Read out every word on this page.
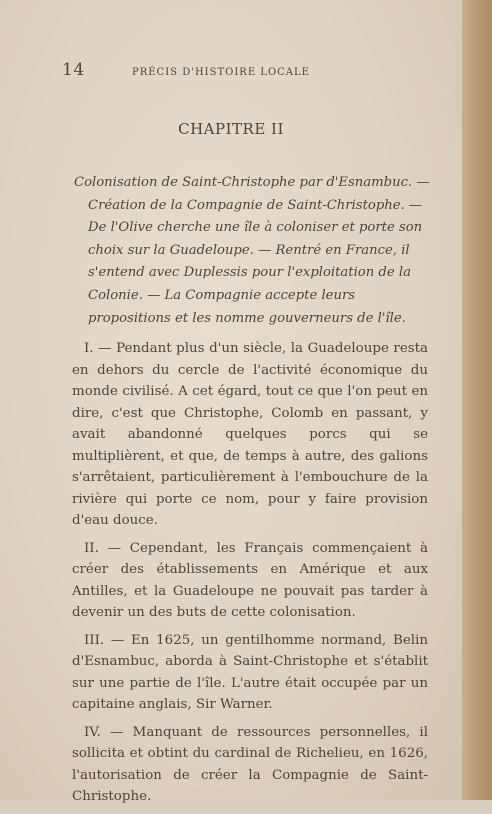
14	PRÉCIS D'HISTOIRE LOCALE
CHAPITRE II
Colonisation de Saint-Christophe par d'Esnambuc. —
Création de la Compagnie de Saint-Christophe. — De l'Olive cherche une île à coloniser et porte son choix sur la Guadeloupe. — Rentré en France, il s'entend avec Duplessis pour l'exploitation de la Colonie. — La Compagnie accepte leurs propositions et les nomme gouverneurs de l'île.

I. — Pendant plus d'un siècle, la Guadeloupe resta en dehors du cercle de l'activité économique du monde civilisé. A cet égard, tout ce que l'on peut en dire, c'est que Christophe, Colomb en passant, y avait abandonné quelques porcs qui se multiplièrent, et que, de temps à autre, des galions s'arrêtaient, particulièrement à l'embouchure de la rivière qui porte ce nom, pour y faire provision d'eau douce.

II. — Cependant, les Français commençaient à créer des établissements en Amérique et aux Antilles, et la Guadeloupe ne pouvait pas tarder à devenir un des buts de cette colonisation.

III. — En 1625, un gentilhomme normand, Belin d'Esnambuc, aborda à Saint-Christophe et s'établit sur une partie de l'île. L'autre était occupée par un capitaine anglais, Sir Warner.

IV. — Manquant de ressources personnelles, il sollicita et obtint du cardinal de Richelieu, en 1626, l'autorisation de créer la Compagnie de Saint-Christophe.
